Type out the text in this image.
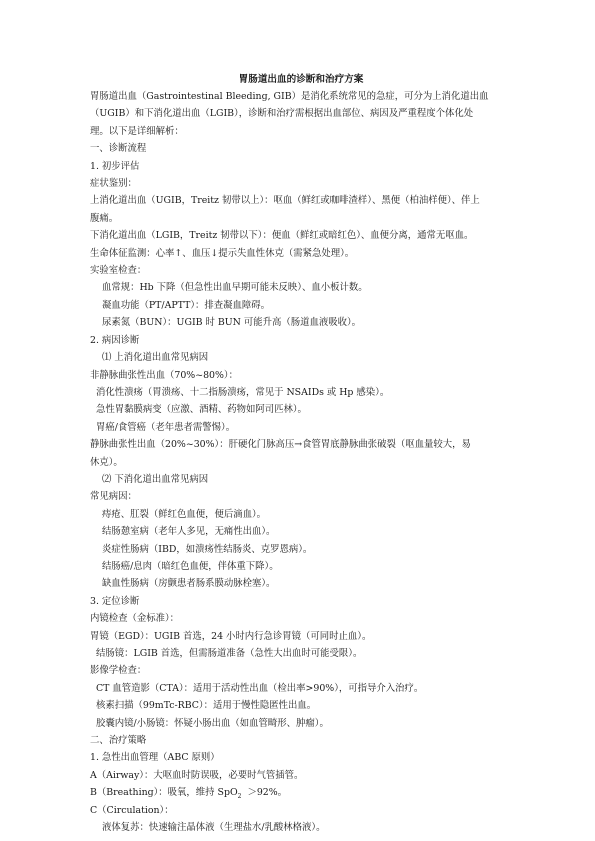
胃肠道出血的诊断和治疗方案
胃肠道出血（Gastrointestinal Bleeding, GIB）是消化系统常见的急症，可分为上消化道出血
（UGIB）和下消化道出血（LGIB），诊断和治疗需根据出血部位、病因及严重程度个体化处
理。以下是详细解析：
一、诊断流程
1. 初步评估
症状鉴别：
上消化道出血（UGIB，Treitz 韧带以上）：呕血（鲜红或咖啡渣样）、黑便（柏油样便）、伴上
腹痛。
下消化道出血（LGIB，Treitz 韧带以下）：便血（鲜红或暗红色）、血便分离，通常无呕血。
生命体征监测：心率↑、血压↓提示失血性休克（需紧急处理）。
实验室检查：
血常规：Hb 下降（但急性出血早期可能未反映）、血小板计数。
凝血功能（PT/APTT）：排查凝血障碍。
尿素氮（BUN）：UGIB 时 BUN 可能升高（肠道血液吸收）。
2. 病因诊断
⑴ 上消化道出血常见病因
非静脉曲张性出血（70%~80%）：
消化性溃疡（胃溃疡、十二指肠溃疡，常见于 NSAIDs 或 Hp 感染）。
急性胃黏膜病变（应激、酒精、药物如阿司匹林）。
胃癌/食管癌（老年患者需警惕）。
静脉曲张性出血（20%~30%）：肝硬化门脉高压→食管胃底静脉曲张破裂（呕血量较大，易
休克）。
⑵ 下消化道出血常见病因
常见病因：
痔疮、肛裂（鲜红色血便，便后滴血）。
结肠憩室病（老年人多见，无痛性出血）。
炎症性肠病（IBD，如溃疡性结肠炎、克罗恩病）。
结肠癌/息肉（暗红色血便，伴体重下降）。
缺血性肠病（房颤患者肠系膜动脉栓塞）。
3. 定位诊断
内镜检查（金标准）：
胃镜（EGD）：UGIB 首选，24 小时内行急诊胃镜（可同时止血）。
结肠镜：LGIB 首选，但需肠道准备（急性大出血时可能受限）。
影像学检查：
CT 血管造影（CTA）：适用于活动性出血（检出率>90%），可指导介入治疗。
核素扫描（99mTc-RBC）：适用于慢性隐匿性出血。
胶囊内镜/小肠镜：怀疑小肠出血（如血管畸形、肿瘤）。
二、治疗策略
1. 急性出血管理（ABC 原则）
A（Airway）：大呕血时防误吸，必要时气管插管。
B（Breathing）：吸氧，维持 SpO$_2$ ＞92%。
C（Circulation）：
液体复苏：快速输注晶体液（生理盐水/乳酸林格液）。
